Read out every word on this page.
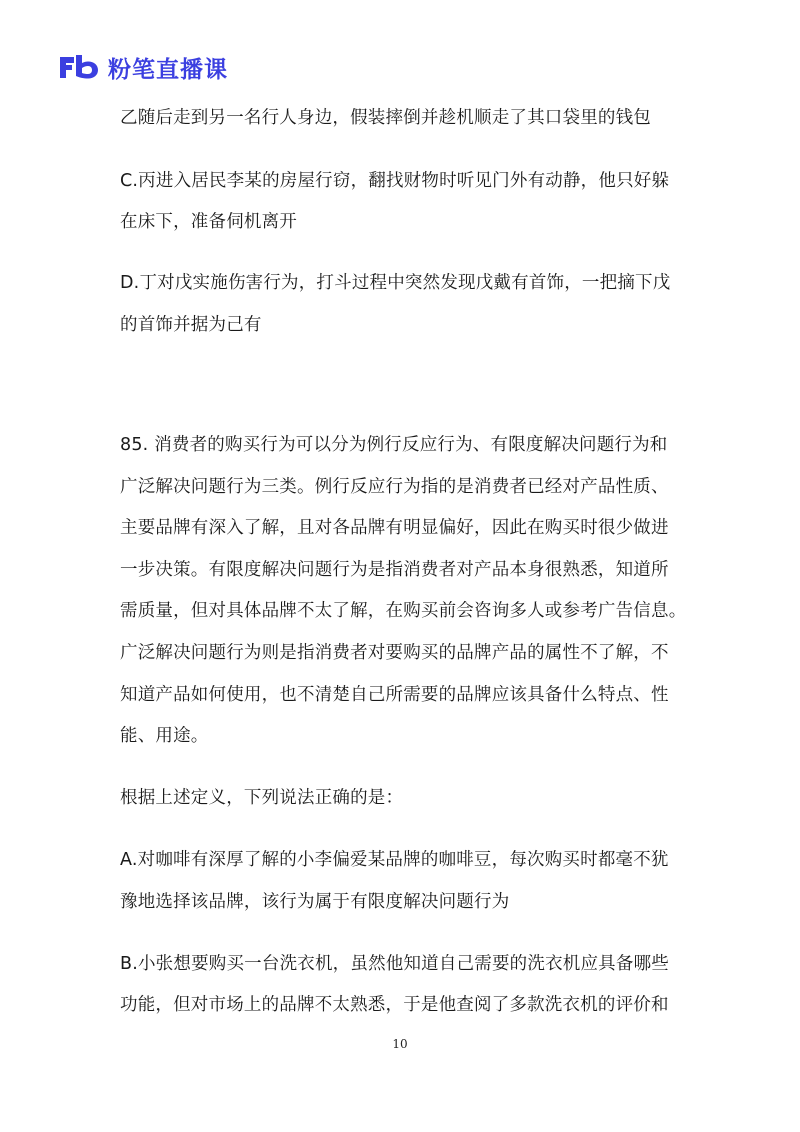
粉笔直播课
乙随后走到另一名行人身边，假装摔倒并趁机顺走了其口袋里的钱包
C.丙进入居民李某的房屋行窃，翻找财物时听见门外有动静，他只好躲
在床下，准备伺机离开
D.丁对戊实施伤害行为，打斗过程中突然发现戊戴有首饰，一把摘下戊
的首饰并据为己有
85. 消费者的购买行为可以分为例行反应行为、有限度解决问题行为和
广泛解决问题行为三类。例行反应行为指的是消费者已经对产品性质、
主要品牌有深入了解，且对各品牌有明显偏好，因此在购买时很少做进
一步决策。有限度解决问题行为是指消费者对产品本身很熟悉，知道所
需质量，但对具体品牌不太了解，在购买前会咨询多人或参考广告信息。
广泛解决问题行为则是指消费者对要购买的品牌产品的属性不了解，不
知道产品如何使用，也不清楚自己所需要的品牌应该具备什么特点、性
能、用途。
根据上述定义，下列说法正确的是：
A.对咖啡有深厚了解的小李偏爱某品牌的咖啡豆，每次购买时都毫不犹
豫地选择该品牌，该行为属于有限度解决问题行为
B.小张想要购买一台洗衣机，虽然他知道自己需要的洗衣机应具备哪些
功能，但对市场上的品牌不太熟悉，于是他查阅了多款洗衣机的评价和
10
